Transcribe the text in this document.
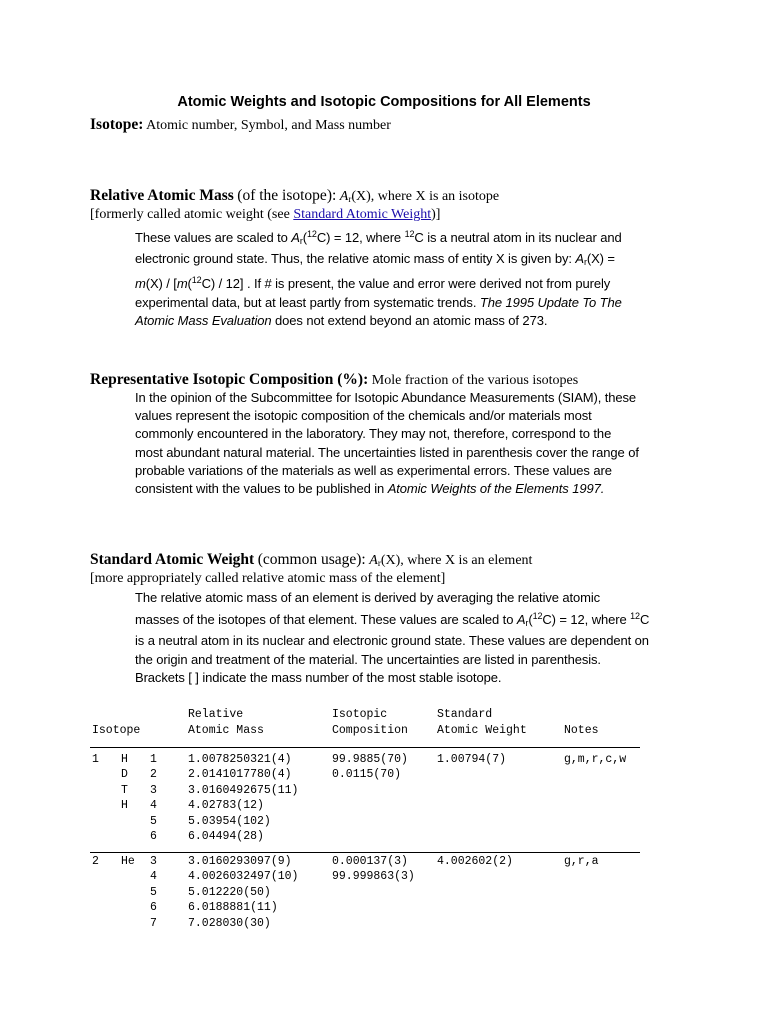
Atomic Weights and Isotopic Compositions for All Elements
Isotope: Atomic number, Symbol, and Mass number
Relative Atomic Mass (of the isotope): $A_r(X)$, where X is an isotope
[formerly called atomic weight (see Standard Atomic Weight)]
These values are scaled to $A_r(^{12}C) = 12$, where $^{12}$C is a neutral atom in its nuclear and
electronic ground state. Thus, the relative atomic mass of entity X is given by: $A_r(X)$ =
m(X) / [m($^{12}$C) / 12] . If # is present, the value and error were derived not from purely
experimental data, but at least partly from systematic trends. The 1995 Update To The
Atomic Mass Evaluation does not extend beyond an atomic mass of 273.
Representative Isotopic Composition (%): Mole fraction of the various isotopes
In the opinion of the Subcommittee for Isotopic Abundance Measurements (SIAM), these
values represent the isotopic composition of the chemicals and/or materials most
commonly encountered in the laboratory. They may not, therefore, correspond to the
most abundant natural material. The uncertainties listed in parenthesis cover the range of
probable variations of the materials as well as experimental errors. These values are
consistent with the values to be published in Atomic Weights of the Elements 1997.
Standard Atomic Weight (common usage): $A_r(X)$, where X is an element
[more appropriately called relative atomic mass of the element]
The relative atomic mass of an element is derived by averaging the relative atomic
masses of the isotopes of that element. These values are scaled to $A_r(^{12}C) = 12$, where $^{12}$C
is a neutral atom in its nuclear and electronic ground state. These values are dependent on
the origin and treatment of the material. The uncertainties are listed in parenthesis.
Brackets [ ] indicate the mass number of the most stable isotope.
Relative	Isotopic	Standard
Isotope	Atomic Mass	Composition	Atomic Weight	Notes
1 H 1	1.0078250321(4)	99.9885(70)	1.00794(7)	g,m,r,c,w
D 2	2.0141017780(4)	0.0115(70)
T 3	3.0160492675(11)
H 4	4.02783(12)
5	5.03954(102)
6	6.04494(28)
2 He 3	3.0160293097(9)	0.000137(3)	4.002602(2)	g,r,a
4	4.0026032497(10)	99.999863(3)
5	5.012220(50)
6	6.0188881(11)
7	7.028030(30)
